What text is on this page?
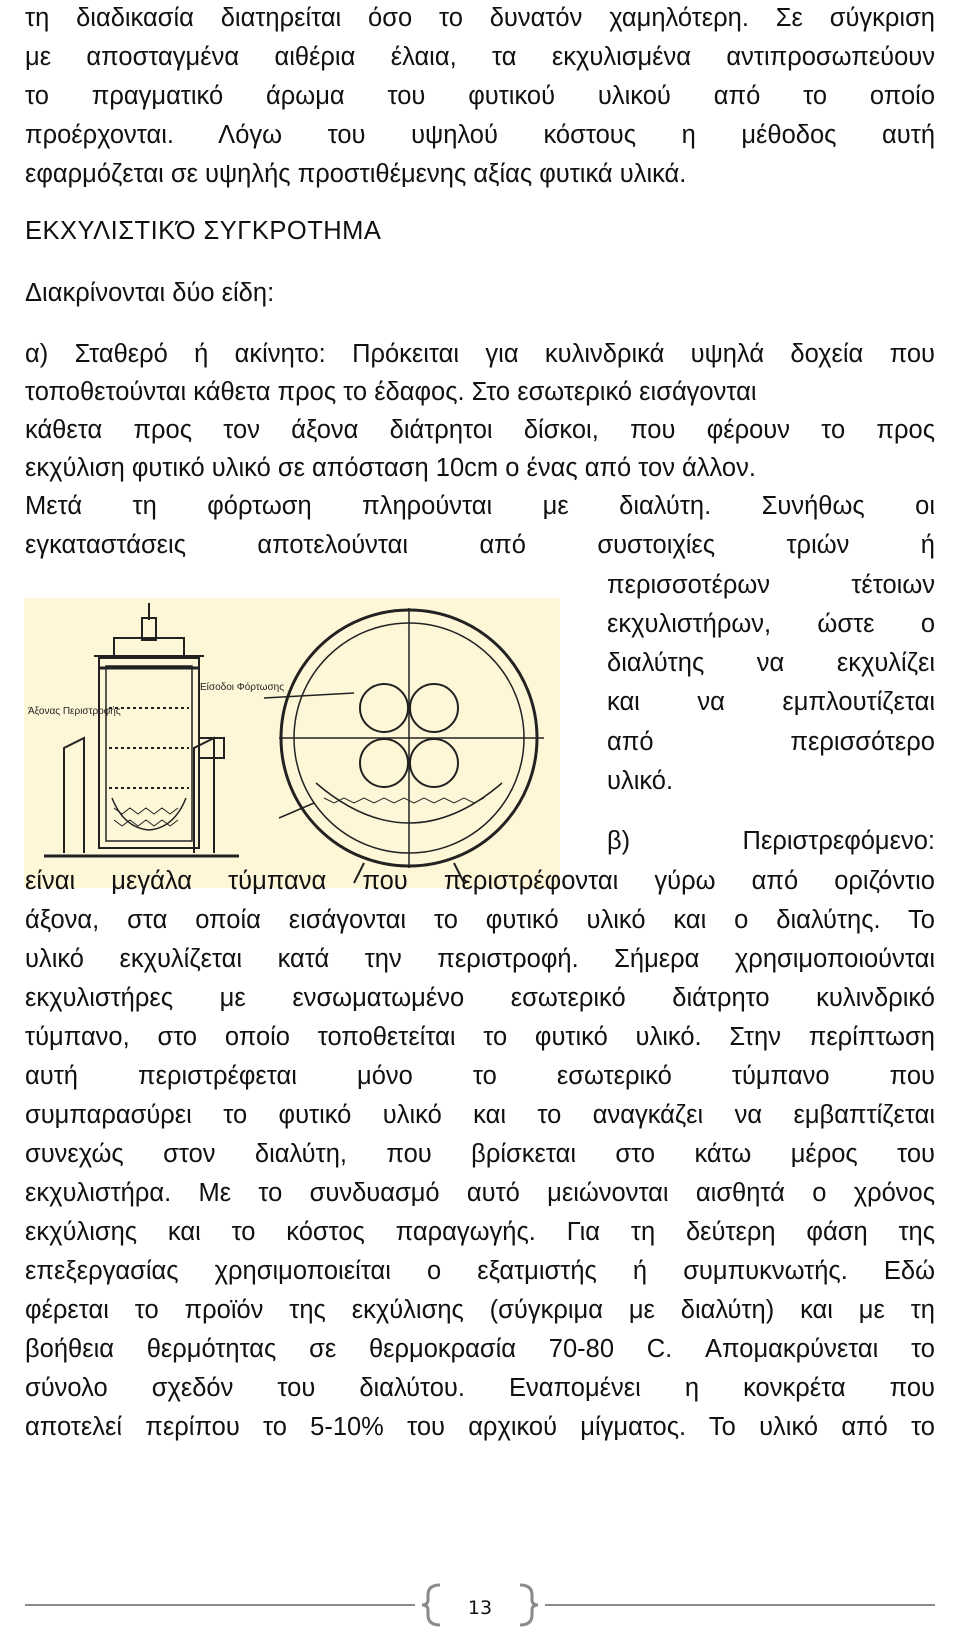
τη διαδικασία διατηρείται όσο το δυνατόν χαμηλότερη. Σε σύγκριση
με αποσταγμένα αιθέρια έλαια, τα εκχυλισμένα αντιπροσωπεύουν
το πραγματικό άρωμα του φυτικού υλικού από το οποίο
προέρχονται. Λόγω του υψηλού κόστους η μέθοδος αυτή
εφαρμόζεται σε υψηλής προστιθέμενης αξίας φυτικά υλικά.
ΕΚΧΥΛΙΣΤΙΚΌ ΣΥΓΚΡΟΤΗΜΑ
Διακρίνονται δύο είδη:
α) Σταθερό ή ακίνητο: Πρόκειται για κυλινδρικά υψηλά δοχεία που
τοποθετούνται κάθετα προς το έδαφος. Στο εσωτερικό εισάγονται
κάθετα προς τον άξονα διάτρητοι δίσκοι, που φέρουν το προς
εκχύλιση φυτικό υλικό σε απόσταση 10cm ο ένας από τον άλλον.
Μετά τη φόρτωση πληρούνται με διαλύτη. Συνήθως οι
εγκαταστάσεις αποτελούνται από συστοιχίες τριών ή
περισσοτέρων τέτοιων
εκχυλιστήρων, ώστε ο
διαλύτης να εκχυλίζει
και να εμπλουτίζεται
από περισσότερο
υλικό.
β) Περιστρεφόμενο:
Είσοδοι Φόρτωσης
Άξονας Περιστροφής
είναι μεγάλα τύμπανα που περιστρέφονται γύρω από οριζόντιο
άξονα, στα οποία εισάγονται το φυτικό υλικό και ο διαλύτης. Το
υλικό εκχυλίζεται κατά την περιστροφή. Σήμερα χρησιμοποιούνται
εκχυλιστήρες με ενσωματωμένο εσωτερικό διάτρητο κυλινδρικό
τύμπανο, στο οποίο τοποθετείται το φυτικό υλικό. Στην περίπτωση
αυτή περιστρέφεται μόνο το εσωτερικό τύμπανο που
συμπαρασύρει το φυτικό υλικό και το αναγκάζει να εμβαπτίζεται
συνεχώς στον διαλύτη, που βρίσκεται στο κάτω μέρος του
εκχυλιστήρα. Με το συνδυασμό αυτό μειώνονται αισθητά ο χρόνος
εκχύλισης και το κόστος παραγωγής. Για τη δεύτερη φάση της
επεξεργασίας χρησιμοποιείται ο εξατμιστής ή συμπυκνωτής. Εδώ
φέρεται το προϊόν της εκχύλισης (σύγκριμα με διαλύτη) και με τη
βοήθεια θερμότητας σε θερμοκρασία 70-80 C. Απομακρύνεται το
σύνολο σχεδόν του διαλύτου. Εναπομένει η κονκρέτα που
αποτελεί περίπου το 5-10% του αρχικού μίγματος. Το υλικό από το
13
